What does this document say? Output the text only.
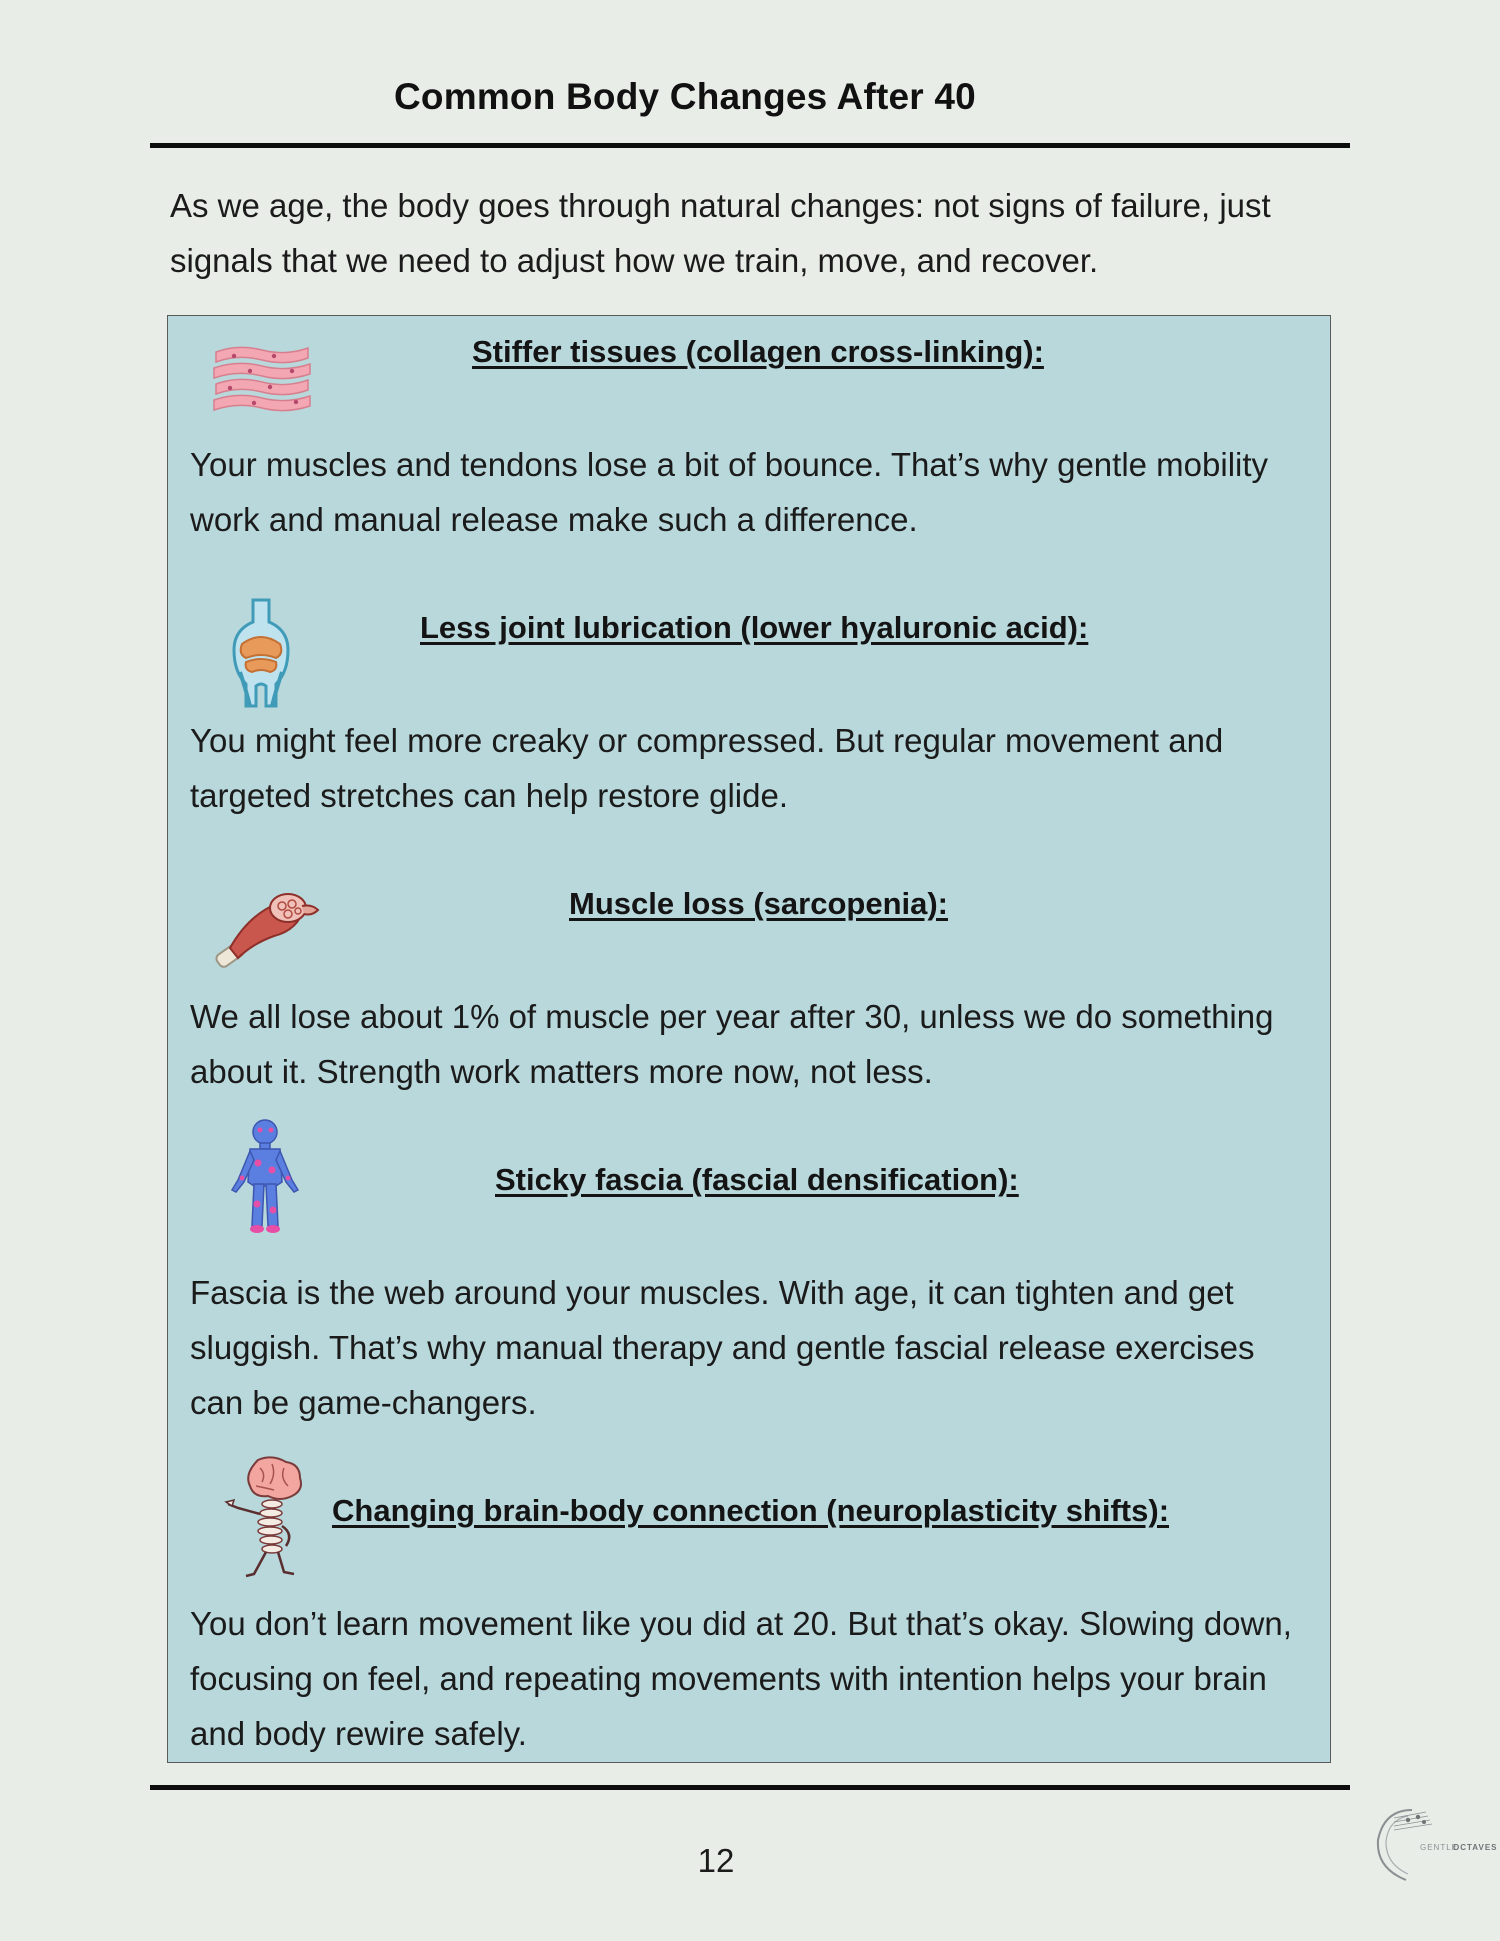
Common Body Changes After 40

As we age, the body goes through natural changes: not signs of failure, just signals that we need to adjust how we train, move, and recover.

Stiffer tissues (collagen cross-linking):

Your muscles and tendons lose a bit of bounce. That’s why gentle mobility work and manual release make such a difference.

Less joint lubrication (lower hyaluronic acid):

You might feel more creaky or compressed. But regular movement and targeted stretches can help restore glide.

Muscle loss (sarcopenia):

We all lose about 1% of muscle per year after 30, unless we do something about it. Strength work matters more now, not less.

Sticky fascia (fascial densification):

Fascia is the web around your muscles. With age, it can tighten and get sluggish. That’s why manual therapy and gentle fascial release exercises can be game-changers.

Changing brain-body connection (neuroplasticity shifts):

You don’t learn movement like you did at 20. But that’s okay. Slowing down, focusing on feel, and repeating movements with intention helps your brain and body rewire safely.

12	GENTLE
OCTAVES
